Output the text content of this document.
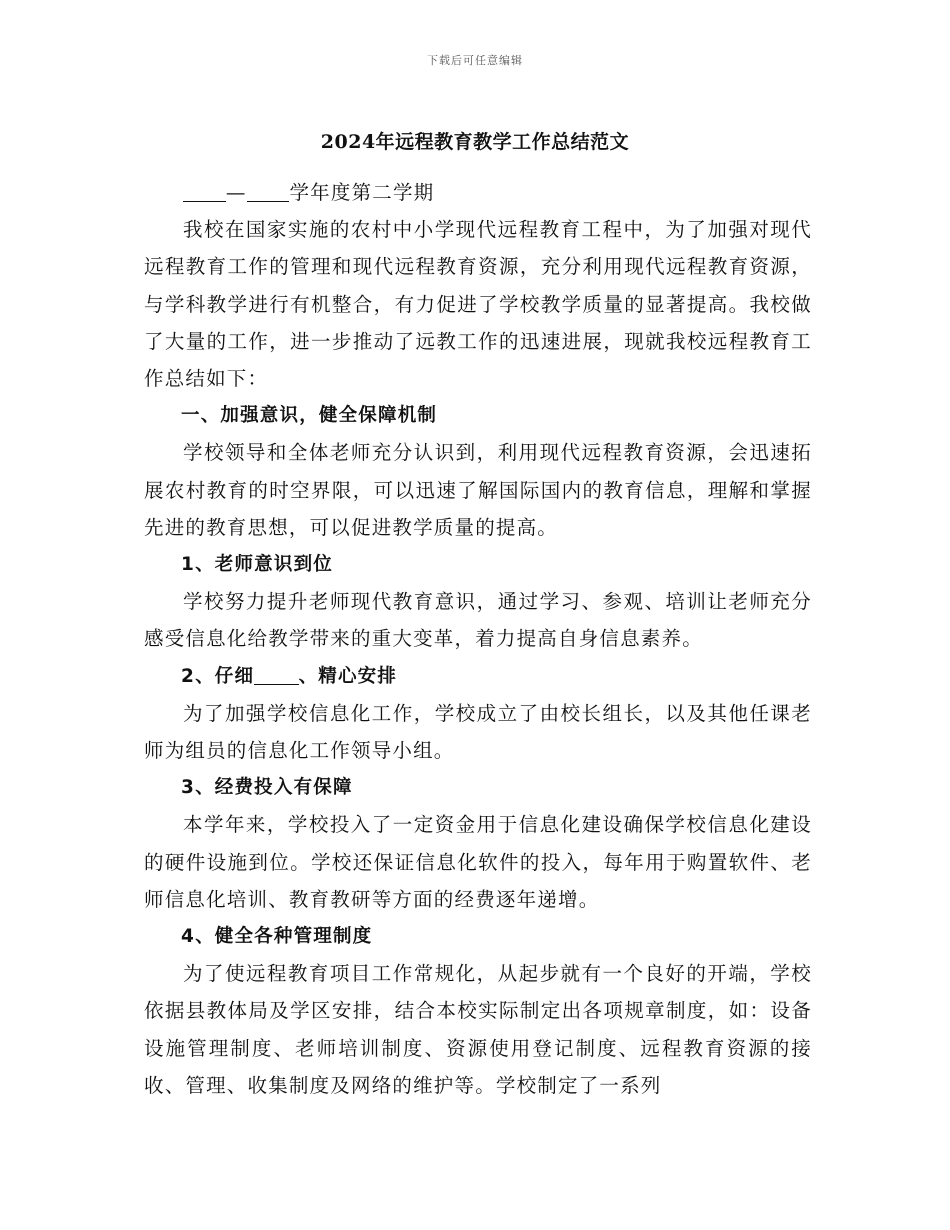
下载后可任意编辑
2024年远程教育教学工作总结范文

— 学年度第二学期

我校在国家实施的农村中小学现代远程教育工程中，为了加强对现代远程教育工作的管理和现代远程教育资源，充分利用现代远程教育资源，与学科教学进行有机整合，有力促进了学校教学质量的显著提高。我校做了大量的工作，进一步推动了远教工作的迅速进展，现就我校远程教育工作总结如下：

一、加强意识，健全保障机制

学校领导和全体老师充分认识到，利用现代远程教育资源，会迅速拓展农村教育的时空界限，可以迅速了解国际国内的教育信息，理解和掌握先进的教育思想，可以促进教学质量的提高。

1、老师意识到位

学校努力提升老师现代教育意识，通过学习、参观、培训让老师充分感受信息化给教学带来的重大变革，着力提高自身信息素养。

2、仔细 、精心安排

为了加强学校信息化工作，学校成立了由校长组长，以及其他任课老师为组员的信息化工作领导小组。

3、经费投入有保障

本学年来，学校投入了一定资金用于信息化建设确保学校信息化建设的硬件设施到位。学校还保证信息化软件的投入，每年用于购置软件、老师信息化培训、教育教研等方面的经费逐年递增。

4、健全各种管理制度

为了使远程教育项目工作常规化，从起步就有一个良好的开端，学校依据县教体局及学区安排，结合本校实际制定出各项规章制度，如：设备设施管理制度、老师培训制度、资源使用登记制度、远程教育资源的接收、管理、收集制度及网络的维护等。学校制定了一系列
